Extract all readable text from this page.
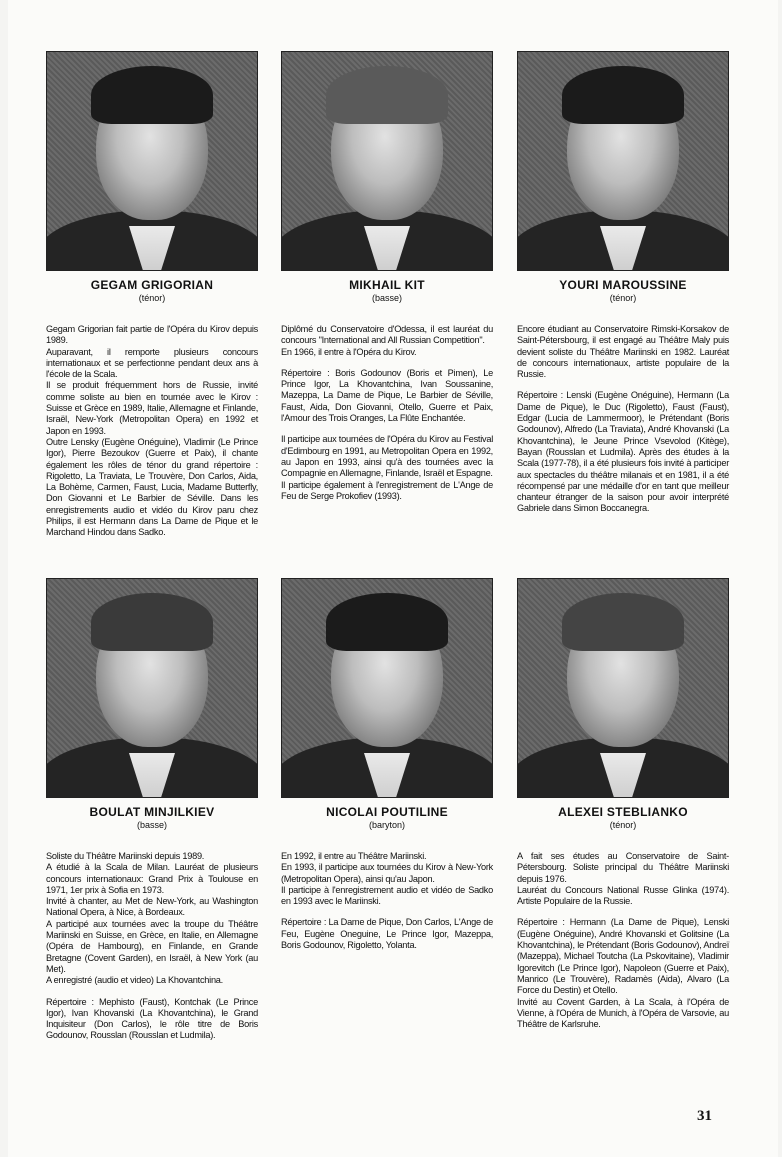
GEGAM GRIGORIAN
(ténor)

Gegam Grigorian fait partie de l'Opéra du Kirov depuis 1989.

Auparavant, il remporte plusieurs concours internationaux et se perfectionne pendant deux ans à l'école de la Scala.

Il se produit fréquemment hors de Russie, invité comme soliste au bien en tournée avec le Kirov : Suisse et Grèce en 1989, Italie, Allemagne et Finlande, Israël, New-York (Metropolitan Opera) en 1992 et Japon en 1993.

Outre Lensky (Eugène Onéguine), Vladimir (Le Prince Igor), Pierre Bezoukov (Guerre et Paix), il chante également les rôles de ténor du grand répertoire : Rigoletto, La Traviata, Le Trouvère, Don Carlos, Aida, La Bohème, Carmen, Faust, Lucia, Madame Butterfly, Don Giovanni et Le Barbier de Séville. Dans les enregistrements audio et vidéo du Kirov paru chez Philips, il est Hermann dans La Dame de Pique et le Marchand Hindou dans Sadko.

MIKHAIL KIT
(basse)

Diplômé du Conservatoire d'Odessa, il est lauréat du concours "International and All Russian Competition".

En 1966, il entre à l'Opéra du Kirov.

Répertoire : Boris Godounov (Boris et Pimen), Le Prince Igor, La Khovantchina, Ivan Soussanine, Mazeppa, La Dame de Pique, Le Barbier de Séville, Faust, Aida, Don Giovanni, Otello, Guerre et Paix, l'Amour des Trois Oranges, La Flûte Enchantée.

Il participe aux tournées de l'Opéra du Kirov au Festival d'Edimbourg en 1991, au Metropolitan Opera en 1992, au Japon en 1993, ainsi qu'à des tournées avec la Compagnie en Allemagne, Finlande, Israël et Espagne.

Il participe également à l'enregistrement de L'Ange de Feu de Serge Prokofiev (1993).

YOURI MAROUSSINE
(ténor)

Encore étudiant au Conservatoire Rimski-Korsakov de Saint-Pétersbourg, il est engagé au Théâtre Maly puis devient soliste du Théâtre Mariinski en 1982. Lauréat de concours internationaux, artiste populaire de la Russie.

Répertoire : Lenski (Eugène Onéguine), Hermann (La Dame de Pique), le Duc (Rigoletto), Faust (Faust), Edgar (Lucia de Lammermoor), le Prétendant (Boris Godounov), Alfredo (La Traviata), André Khovanski (La Khovantchina), le Jeune Prince Vsevolod (Kitège), Bayan (Rousslan et Ludmila). Après des études à la Scala (1977-78), il a été plusieurs fois invité à participer aux spectacles du théâtre milanais et en 1981, il a été récompensé par une médaille d'or en tant que meilleur chanteur étranger de la saison pour avoir interprété Gabriele dans Simon Boccanegra.

BOULAT MINJILKIEV
(basse)

Soliste du Théâtre Mariinski depuis 1989.

A étudié à la Scala de Milan. Lauréat de plusieurs concours internationaux: Grand Prix à Toulouse en 1971, 1er prix à Sofia en 1973.

Invité à chanter, au Met de New-York, au Washington National Opera, à Nice, à Bordeaux.

A participé aux tournées avec la troupe du Théâtre Mariinski en Suisse, en Grèce, en Italie, en Allemagne (Opéra de Hambourg), en Finlande, en Grande Bretagne (Covent Garden), en Israël, à New York (au Met).

A enregistré (audio et video) La Khovantchina.

Répertoire : Mephisto (Faust), Kontchak (Le Prince Igor), Ivan Khovanski (La Khovantchina), le Grand Inquisiteur (Don Carlos), le rôle titre de Boris Godounov, Rousslan (Rousslan et Ludmila).

NICOLAI POUTILINE
(baryton)

En 1992, il entre au Théâtre Mariinski.

En 1993, il participe aux tournées du Kirov à New-York (Metropolitan Opera), ainsi qu'au Japon.

Il participe à l'enregistrement audio et vidéo de Sadko en 1993 avec le Mariinski.

Répertoire : La Dame de Pique, Don Carlos, L'Ange de Feu, Eugène Oneguine, Le Prince Igor, Mazeppa, Boris Godounov, Rigoletto, Yolanta.

ALEXEI STEBLIANKO
(ténor)

A fait ses études au Conservatoire de Saint-Pétersbourg. Soliste principal du Théâtre Mariinski depuis 1976.

Lauréat du Concours National Russe Glinka (1974). Artiste Populaire de la Russie.

Répertoire : Hermann (La Dame de Pique), Lenski (Eugène Onéguine), André Khovanski et Golitsine (La Khovantchina), le Prétendant (Boris Godounov), Andreï (Mazeppa), Michael Toutcha (La Pskovitaine), Vladimir Igorevitch (Le Prince Igor), Napoleon (Guerre et Paix), Manrico (Le Trouvère), Radamès (Aida), Alvaro (La Force du Destin) et Otello.

Invité au Covent Garden, à La Scala, à l'Opéra de Vienne, à l'Opéra de Munich, à l'Opéra de Varsovie, au Théâtre de Karlsruhe.

31
